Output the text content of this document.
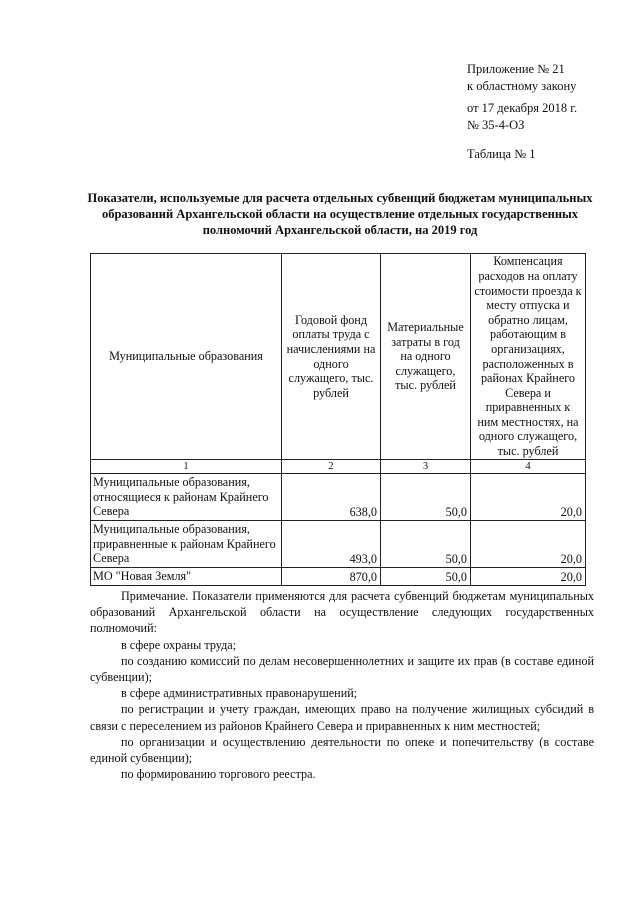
Приложение № 21
к областному закону
от 17 декабря 2018 г.
№ 35-4-ОЗ
Таблица № 1
Показатели, используемые для расчета отдельных субвенций бюджетам муниципальных образований Архангельской области на осуществление отдельных государственных полномочий Архангельской области, на 2019 год
Муниципальные образования	Годовой фонд оплаты труда с начислениями на одного служащего, тыс. рублей	Материальные затраты в год на одного служащего, тыс. рублей	Компенсация расходов на оплату стоимости проезда к месту отпуска и обратно лицам, работающим в организациях, расположенных в районах Крайнего Севера и приравненных к ним местностях, на одного служащего, тыс. рублей
1	2	3	4
Муниципальные образования, относящиеся к районам Крайнего Севера	638,0	50,0	20,0
Муниципальные образования, приравненные к районам Крайнего Севера	493,0	50,0	20,0
МО "Новая Земля"	870,0	50,0	20,0

Примечание. Показатели применяются для расчета субвенций бюджетам муниципальных образований Архангельской области на осуществление следующих государственных полномочий:

в сфере охраны труда;

по созданию комиссий по делам несовершеннолетних и защите их прав (в составе единой субвенции);

в сфере административных правонарушений;

по регистрации и учету граждан, имеющих право на получение жилищных субсидий в связи с переселением из районов Крайнего Севера и приравненных к ним местностей;

по организации и осуществлению деятельности по опеке и попечительству (в составе единой субвенции);

по формированию торгового реестра.
